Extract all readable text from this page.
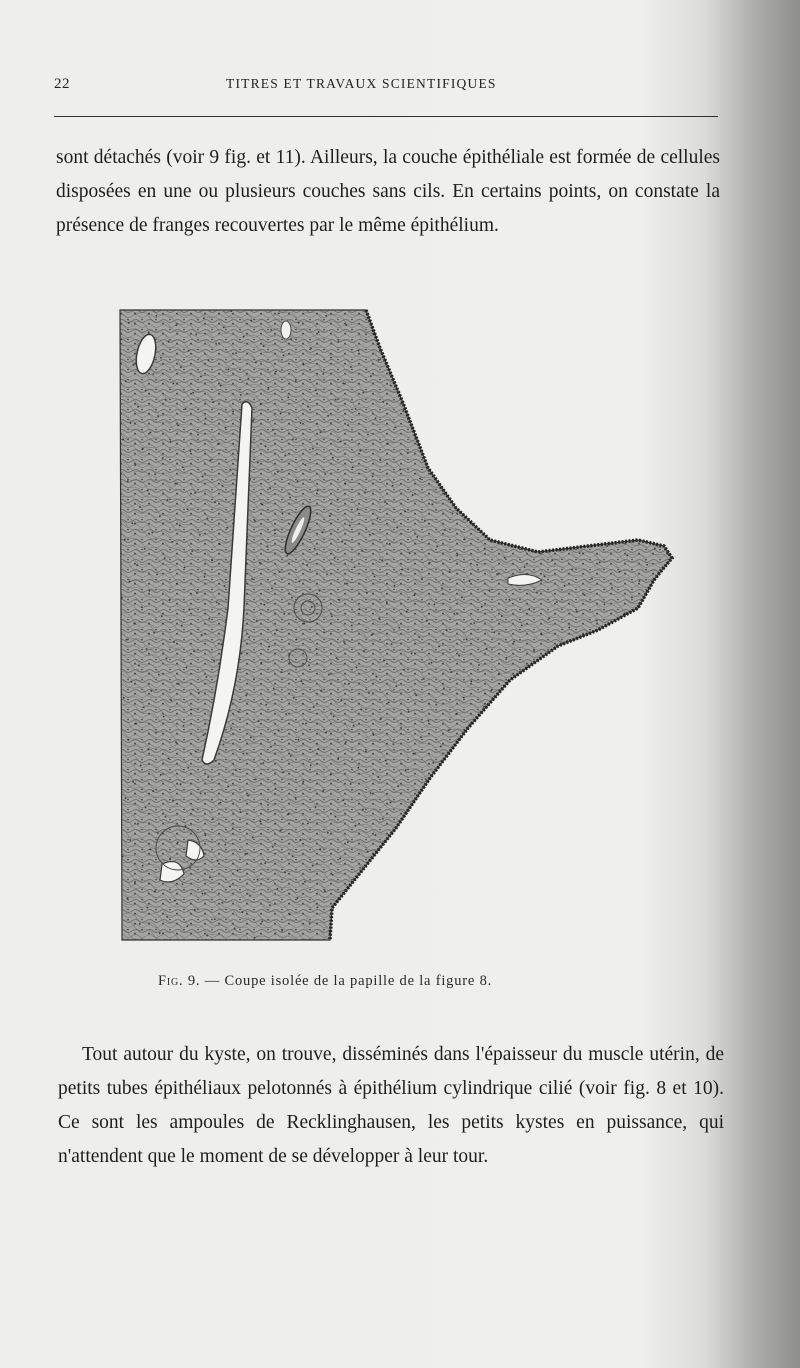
22	TITRES ET TRAVAUX SCIENTIFIQUES

sont détachés (voir 9 fig. et 11). Ailleurs, la couche épithéliale est formée de cellules disposées en une ou plusieurs couches sans cils. En certains points, on constate la présence de franges recouvertes par le même épithélium.

Fig. 9. — Coupe isolée de la papille de la figure 8.

Tout autour du kyste, on trouve, disséminés dans l'épaisseur du muscle utérin, de petits tubes épithéliaux pelotonnés à épithélium cylindrique cilié (voir fig. 8 et 10). Ce sont les ampoules de Recklinghausen, les petits kystes en puissance, qui n'attendent que le moment de se développer à leur tour.
